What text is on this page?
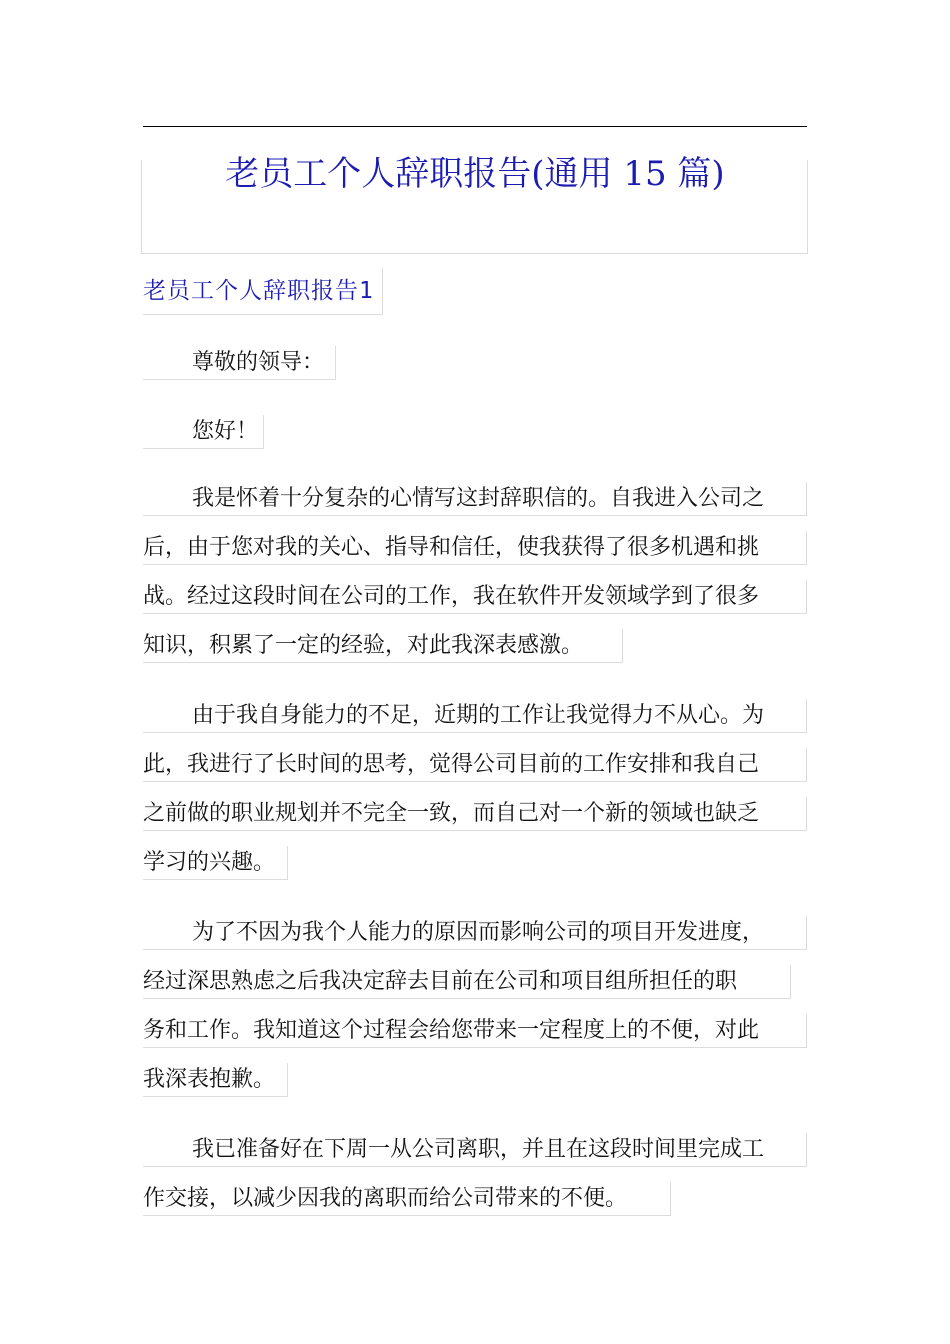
老员工个人辞职报告(通用 15 篇)
老员工个人辞职报告1
尊敬的领导：
您好！
我是怀着十分复杂的心情写这封辞职信的。自我进入公司之
后，由于您对我的关心、指导和信任，使我获得了很多机遇和挑
战。经过这段时间在公司的工作，我在软件开发领域学到了很多
知识，积累了一定的经验，对此我深表感激。
由于我自身能力的不足，近期的工作让我觉得力不从心。为
此，我进行了长时间的思考，觉得公司目前的工作安排和我自己
之前做的职业规划并不完全一致，而自己对一个新的领域也缺乏
学习的兴趣。
为了不因为我个人能力的原因而影响公司的项目开发进度，
经过深思熟虑之后我决定辞去目前在公司和项目组所担任的职
务和工作。我知道这个过程会给您带来一定程度上的不便，对此
我深表抱歉。
我已准备好在下周一从公司离职，并且在这段时间里完成工
作交接，以减少因我的离职而给公司带来的不便。
